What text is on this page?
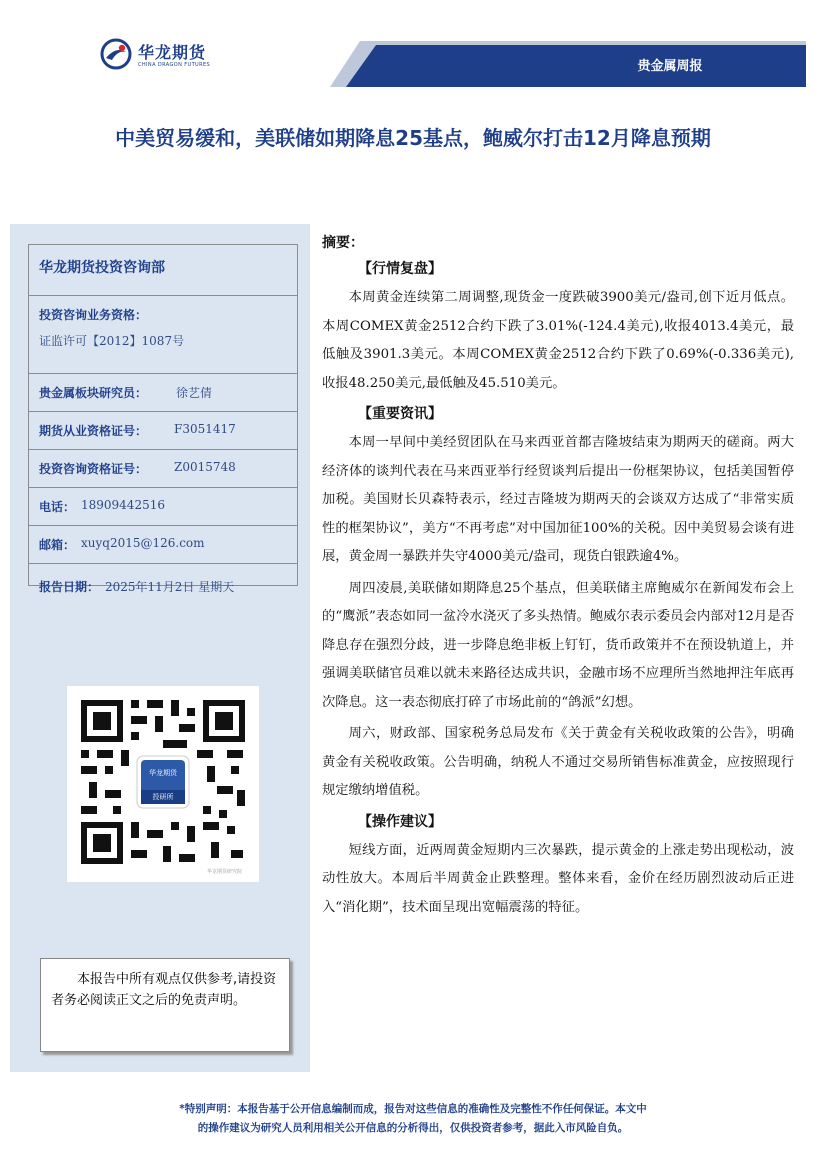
华龙期货
CHINA DRAGON FUTURES	贵金属周报
中美贸易缓和，美联储如期降息25基点，鲍威尔打击12月降息预期
华龙期货投资咨询部
投资咨询业务资格：
证监许可【2012】1087号
贵金属板块研究员： 徐艺倩
期货从业资格证号： F3051417
投资咨询资格证号： Z0015748
电话： 18909442516
邮箱： xuyq2015@126.com
报告日期： 2025年11月2日 星期天
华龙期货
投研所
华龙期货研究院
本报告中所有观点仅供参考,请投资者务必阅读正文之后的免责声明。

摘要：

【行情复盘】

本周黄金连续第二周调整,现货金一度跌破3900美元/盎司,创下近月低点。本周COMEX黄金2512合约下跌了3.01%(-124.4美元),收报4013.4美元，最低触及3901.3美元。本周COMEX黄金2512合约下跌了0.69%(-0.336美元),收报48.250美元,最低触及45.510美元。

【重要资讯】

本周一早间中美经贸团队在马来西亚首都吉隆坡结束为期两天的磋商。两大经济体的谈判代表在马来西亚举行经贸谈判后提出一份框架协议，包括美国暂停加税。美国财长贝森特表示，经过吉隆坡为期两天的会谈双方达成了“非常实质性的框架协议”，美方“不再考虑”对中国加征100%的关税。因中美贸易会谈有进展，黄金周一暴跌并失守4000美元/盎司，现货白银跌逾4%。

周四凌晨,美联储如期降息25个基点，但美联储主席鲍威尔在新闻发布会上的“鹰派”表态如同一盆冷水浇灭了多头热情。鲍威尔表示委员会内部对12月是否降息存在强烈分歧，进一步降息绝非板上钉钉，货币政策并不在预设轨道上，并强调美联储官员难以就未来路径达成共识，金融市场不应理所当然地押注年底再次降息。这一表态彻底打碎了市场此前的“鸽派”幻想。

周六，财政部、国家税务总局发布《关于黄金有关税收政策的公告》，明确黄金有关税收政策。公告明确，纳税人不通过交易所销售标准黄金，应按照现行规定缴纳增值税。

【操作建议】

短线方面，近两周黄金短期内三次暴跌，提示黄金的上涨走势出现松动，波动性放大。本周后半周黄金止跌整理。整体来看，金价在经历剧烈波动后正进入“消化期”，技术面呈现出宽幅震荡的特征。

*特别声明：本报告基于公开信息编制而成，报告对这些信息的准确性及完整性不作任何保证。本文中
的操作建议为研究人员利用相关公开信息的分析得出，仅供投资者参考，据此入市风险自负。
